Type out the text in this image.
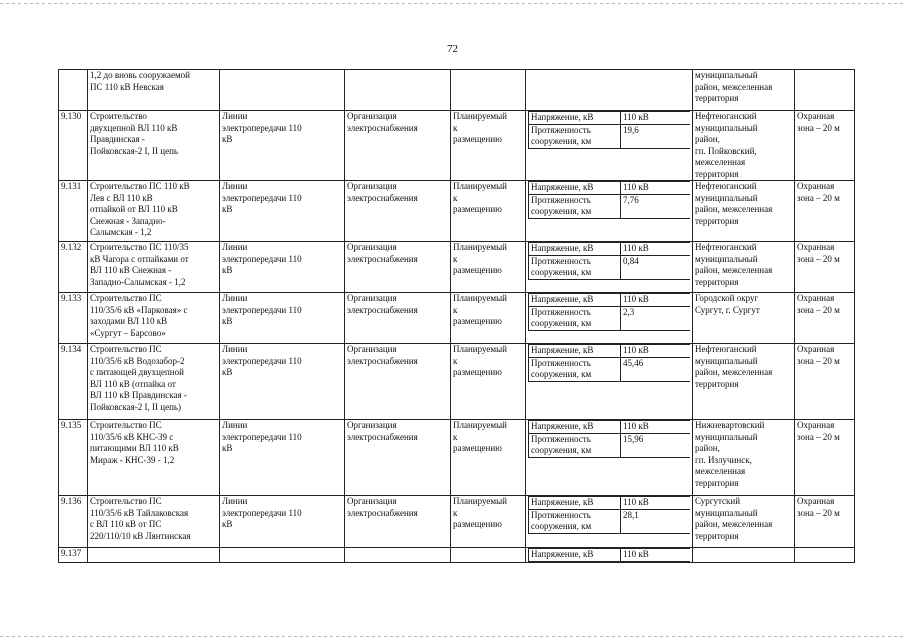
72
	1,2 до вновь сооружаемой
ПС 110 кВ Невская				
	муниципальный
район, межселенная
территория	
9.130	Строительство
двухцепной ВЛ 110 кВ
Правдинская -
Пойковская-2 I, II цепь	Линии
электропередачи 110
кВ	Организация
электроснабжения	Планируемый
к
размещению	
Напряжение, кВ	110 кВ
Протяженность
сооружения, км	19,6
	Нефтеюганский
муниципальный
район,
гп. Пойковский,
межселенная
территория	Охранная
зона – 20 м
9.131	Строительство ПС 110 кВ
Лев с ВЛ 110 кВ
отпайкой от ВЛ 110 кВ
Снежная - Западно-
Салымская - 1,2	Линии
электропередачи 110
кВ	Организация
электроснабжения	Планируемый
к
размещению	
Напряжение, кВ	110 кВ
Протяженность
сооружения, км	7,76
	Нефтеюганский
муниципальный
район, межселенная
территория	Охранная
зона – 20 м
9.132	Строительство ПС 110/35
кВ Чагора с отпайками от
ВЛ 110 кВ Снежная -
Западно-Салымская - 1,2	Линии
электропередачи 110
кВ	Организация
электроснабжения	Планируемый
к
размещению	
Напряжение, кВ	110 кВ
Протяженность
сооружения, км	0,84
	Нефтеюганский
муниципальный
район, межселенная
территория	Охранная
зона – 20 м
9.133	Строительство ПС
110/35/6 кВ «Парковая» с
заходами ВЛ 110 кВ
«Сургут – Барсово»	Линии
электропередачи 110
кВ	Организация
электроснабжения	Планируемый
к
размещению	
Напряжение, кВ	110 кВ
Протяженность
сооружения, км	2,3
	Городской округ
Сургут, г. Сургут	Охранная
зона – 20 м
9.134	Строительство ПС
110/35/6 кВ Водозабор-2
с питающей двухцепной
ВЛ 110 кВ (отпайка от
ВЛ 110 кВ Правдинская -
Пойковская-2 I, II цепь)	Линии
электропередачи 110
кВ	Организация
электроснабжения	Планируемый
к
размещению	
Напряжение, кВ	110 кВ
Протяженность
сооружения, км	45,46
	Нефтеюганский
муниципальный
район, межселенная
территория	Охранная
зона – 20 м
9.135	Строительство ПС
110/35/6 кВ КНС-39 с
питающими ВЛ 110 кВ
Мираж - КНС-39 - 1,2	Линии
электропередачи 110
кВ	Организация
электроснабжения	Планируемый
к
размещению	
Напряжение, кВ	110 кВ
Протяженность
сооружения, км	15,96
	Нижневартовский
муниципальный
район,
гп. Излучинск,
межселенная
территория	Охранная
зона – 20 м
9.136	Строительство ПС
110/35/6 кВ Тайлаковская
с ВЛ 110 кВ от ПС
220/110/10 кВ Лянтинская	Линии
электропередачи 110
кВ	Организация
электроснабжения	Планируемый
к
размещению	
Напряжение, кВ	110 кВ
Протяженность
сооружения, км	28,1
	Сургутский
муниципальный
район, межселенная
территория	Охранная
зона – 20 м
9.137						Напряжение, кВ	110 кВ
